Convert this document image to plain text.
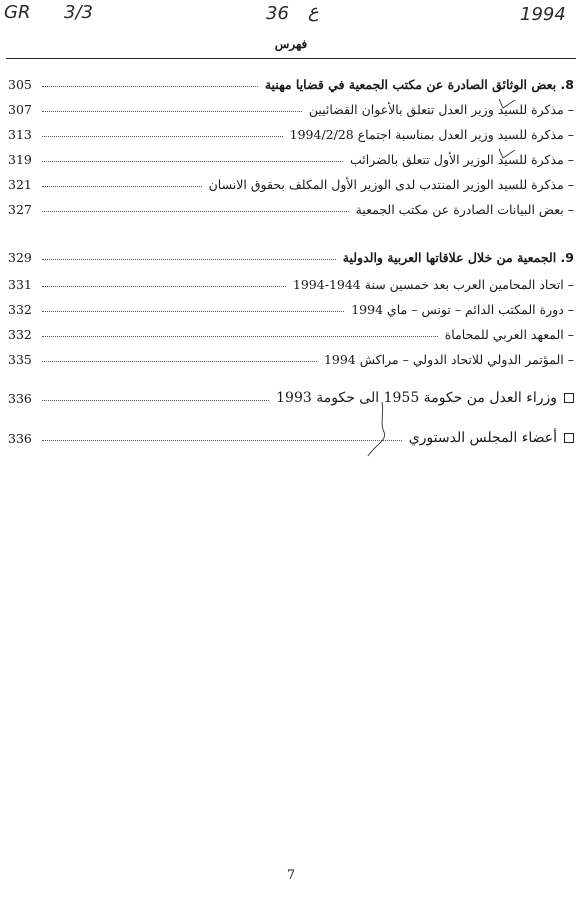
GR 3/3	36 ع	1994
فهرس
8. بعض الوثائق الصادرة عن مكتب الجمعية في قضايا مهنية
305
– مذكرة للسيد وزير العدل تتعلق بالأعوان القضائيين
307
– مذكرة للسيد وزير العدل بمناسبة اجتماع 1994/2/28
313
– مذكرة للسيد الوزير الأول تتعلق بالضرائب
319
– مذكرة للسيد الوزير المنتدب لدى الوزير الأول المكلف بحقوق الانسان
321
– بعض البيانات الصادرة عن مكتب الجمعية
327
9. الجمعية من خلال علاقاتها العربية والدولية
329
– اتحاد المحامين العرب بعد خمسين سنة 1944-1994
331
– دورة المكتب الدائم – تونس – ماي 1994
332
– المعهد العربي للمحاماة
332
– المؤتمر الدولي للاتحاد الدولي – مراكش 1994
335
وزراء العدل من حكومة 1955 الى حكومة 1993
336
أعضاء المجلس الدستوري
336
7
